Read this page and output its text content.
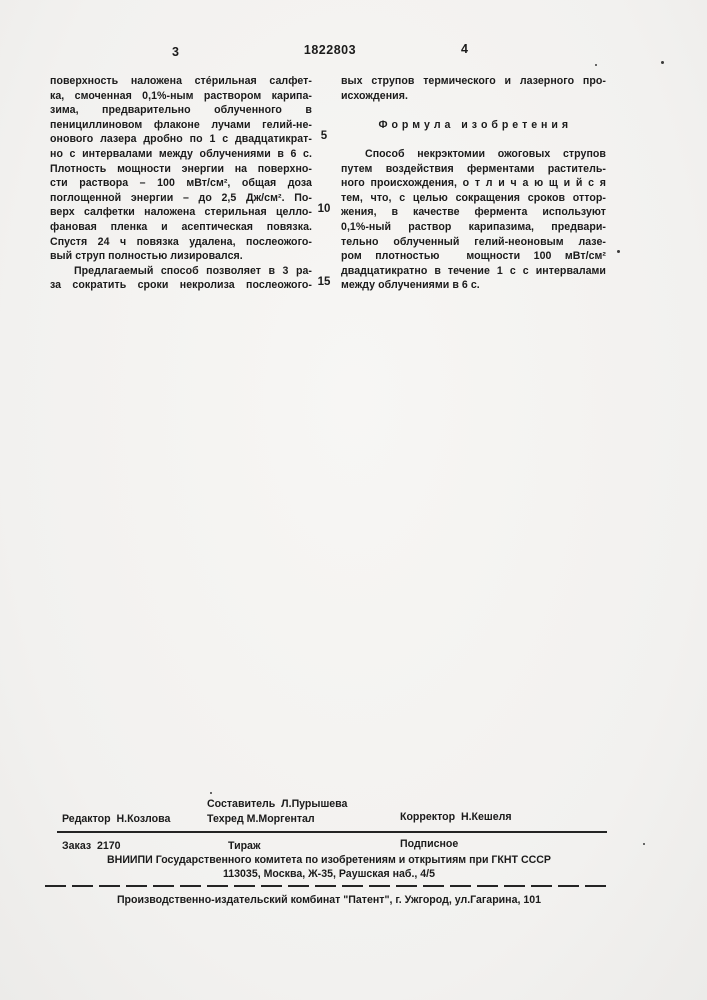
3	1822803	4
поверхность наложена сте́рильная салфет-
ка, смоченная 0,1%-ным раствором карипа-
зима, предварительно облученного в
пенициллиновом флаконе лучами гелий-не-
онового лазера дробно по 1 с двадцатикрат-
но с интервалами между облучениями в 6 с.
Плотность мощности энергии на поверхно-
сти раствора – 100 мВт/см², общая доза
поглощенной энергии – до 2,5 Дж/см². По-
верх салфетки наложена стерильная целло-
фановая пленка и асептическая повязка.
Спустя 24 ч повязка удалена, послеожого-
вый струп полностью лизировался.
Предлагаемый способ позволяет в 3 ра-
за сократить сроки некролиза послеожого-
5
10
15
вых струпов термического и лазерного про-
исхождения.
Ф о р м у л а   и з о б р е т е н и я
Способ некрэктомии ожоговых струпов
путем воздействия ферментами раститель-
ного происхождения, о т л и ч а ю щ и й с я
тем, что, с целью сокращения сроков оттор-
жения, в качестве фермента используют
0,1%-ный раствор карипазима, предвари-
тельно облученный гелий-неоновым лазе-
ром плотностью  мощности 100 мВт/см²
двадцатикратно в течение 1 с с интервалами
между облучениями в 6 с.
Составитель  Л.Пурышева
Редактор  Н.Козлова	Техред М.Моргентал	Корректор  Н.Кешеля
Заказ  2170	Тираж	Подписное
ВНИИПИ Государственного комитета по изобретениям и открытиям при ГКНТ СССР
113035, Москва, Ж-35, Раушская наб., 4/5
Производственно-издательский комбинат "Патент", г. Ужгород, ул.Гагарина, 101
